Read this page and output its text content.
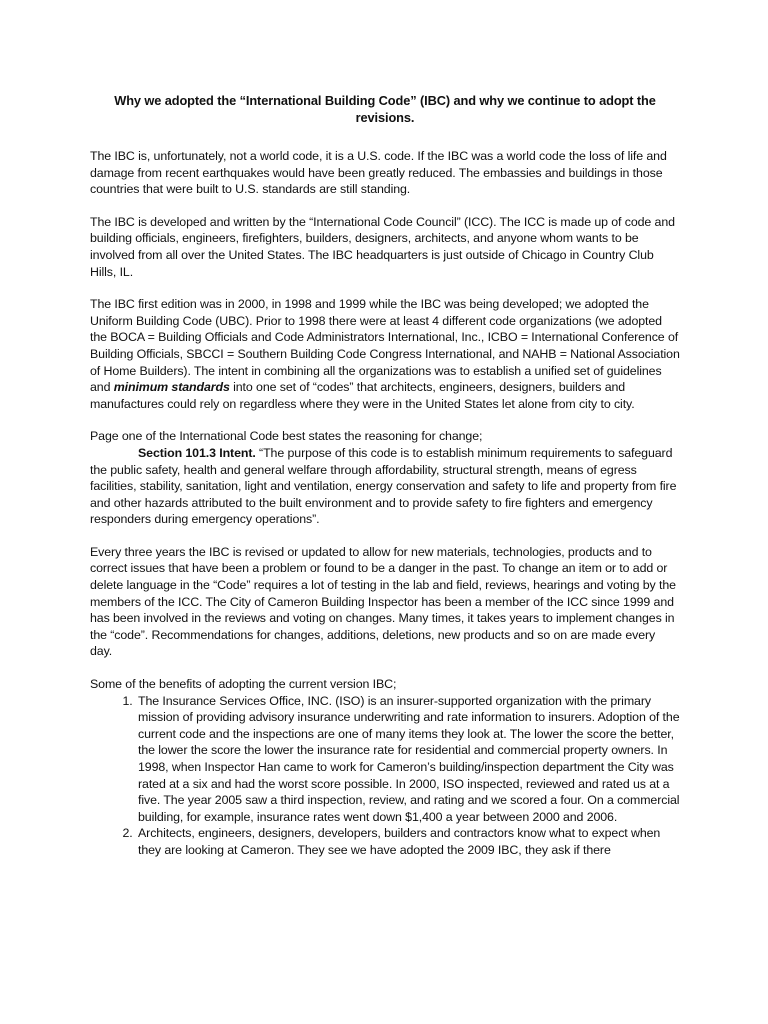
Why we adopted the “International Building Code” (IBC) and why we continue to adopt the revisions.

The IBC is, unfortunately, not a world code, it is a U.S. code. If the IBC was a world code the loss of life and damage from recent earthquakes would have been greatly reduced. The embassies and buildings in those countries that were built to U.S. standards are still standing.

The IBC is developed and written by the “International Code Council” (ICC). The ICC is made up of code and building officials, engineers, firefighters, builders, designers, architects, and anyone whom wants to be involved from all over the United States. The IBC headquarters is just outside of Chicago in Country Club Hills, IL.

The IBC first edition was in 2000, in 1998 and 1999 while the IBC was being developed; we adopted the Uniform Building Code (UBC). Prior to 1998 there were at least 4 different code organizations (we adopted the BOCA = Building Officials and Code Administrators International, Inc., ICBO = International Conference of Building Officials, SBCCI = Southern Building Code Congress International, and NAHB = National Association of Home Builders). The intent in combining all the organizations was to establish a unified set of guidelines and minimum standards into one set of “codes” that architects, engineers, designers, builders and manufactures could rely on regardless where they were in the United States let alone from city to city.

Page one of the International Code best states the reasoning for change;

Section 101.3 Intent. “The purpose of this code is to establish minimum requirements to safeguard the public safety, health and general welfare through affordability, structural strength, means of egress facilities, stability, sanitation, light and ventilation, energy conservation and safety to life and property from fire and other hazards attributed to the built environment and to provide safety to fire fighters and emergency responders during emergency operations”.

Every three years the IBC is revised or updated to allow for new materials, technologies, products and to correct issues that have been a problem or found to be a danger in the past. To change an item or to add or delete language in the “Code” requires a lot of testing in the lab and field, reviews, hearings and voting by the members of the ICC. The City of Cameron Building Inspector has been a member of the ICC since 1999 and has been involved in the reviews and voting on changes. Many times, it takes years to implement changes in the “code”. Recommendations for changes, additions, deletions, new products and so on are made every day.

Some of the benefits of adopting the current version IBC;

1. The Insurance Services Office, INC. (ISO) is an insurer-supported organization with the primary mission of providing advisory insurance underwriting and rate information to insurers. Adoption of the current code and the inspections are one of many items they look at. The lower the score the better, the lower the score the lower the insurance rate for residential and commercial property owners. In 1998, when Inspector Han came to work for Cameron’s building/inspection department the City was rated at a six and had the worst score possible. In 2000, ISO inspected, reviewed and rated us at a five. The year 2005 saw a third inspection, review, and rating and we scored a four. On a commercial building, for example, insurance rates went down $1,400 a year between 2000 and 2006.
2. Architects, engineers, designers, developers, builders and contractors know what to expect when they are looking at Cameron. They see we have adopted the 2009 IBC, they ask if there
